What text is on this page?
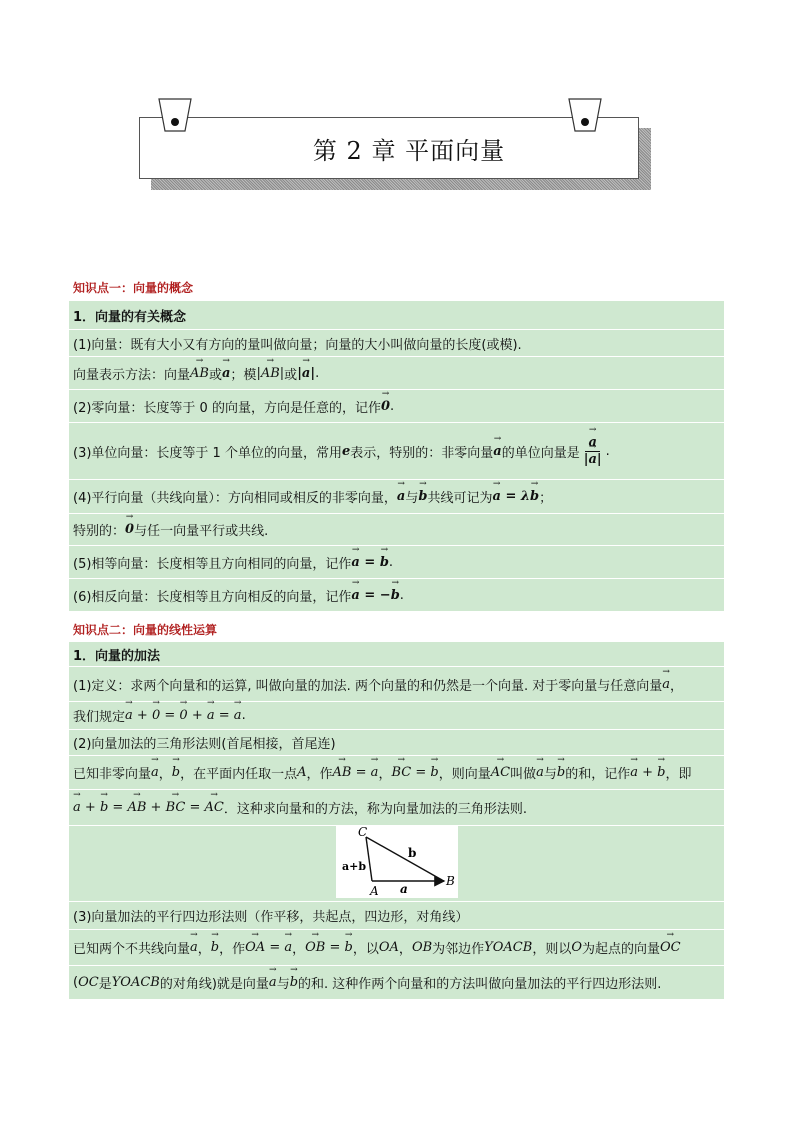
第 2 章 平面向量
知识点一：向量的概念
1．向量的有关概念
(1)向量：既有大小又有方向的量叫做向量；向量的大小叫做向量的长度(或模).
向量表示方法：向量 → AB 或 → a ；模 |→ AB| 或 |→ a| .
(2)零向量：长度等于 0 的向量，方向是任意的，记作 → 0 .
(3)单位向量：长度等于 1 个单位的向量，常用 e 表示，特别的：非零向量 → a 的单位向量是 → $\frac{a}{|\to a|}$ .
(4)平行向量（共线向量）：方向相同或相反的非零向量， → a 与 → b 共线可记为 → a = λ→ b ；
特别的： → 0 与任一向量平行或共线.
(5)相等向量：长度相等且方向相同的向量，记作 → a = → b .
(6)相反向量：长度相等且方向相反的向量，记作 → a = −→ b .
知识点二：向量的线性运算
1．向量的加法
(1)定义：求两个向量和的运算, 叫做向量的加法. 两个向量的和仍然是一个向量. 对于零向量与任意向量 → a ，
我们规定 → a + → 0 = → 0 + → a = → a .
(2)向量加法的三角形法则(首尾相接，首尾连)
已知非零向量 → a ， → b ，在平面内任取一点 A ，作 → AB = → a ， → BC = → b ，则向量 → AC 叫做 → a 与 → b 的和，记作 → a + → b ，即
→ a + → b = → AB + → BC = → AC ．这种求向量和的方法，称为向量加法的三角形法则.
(3)向量加法的平行四边形法则（作平移，共起点，四边形，对角线）
已知两个不共线向量 → a ， → b ，作 → OA = → a ， → OB = → b ，以 OA ， OB 为邻边作 YOACB ，则以 O 为起点的向量 → OC
( OC 是 YOACB 的对角线)就是向量 → a 与 → b 的和. 这种作两个向量和的方法叫做向量加法的平行四边形法则.
C
A
B
a+b
b
a
